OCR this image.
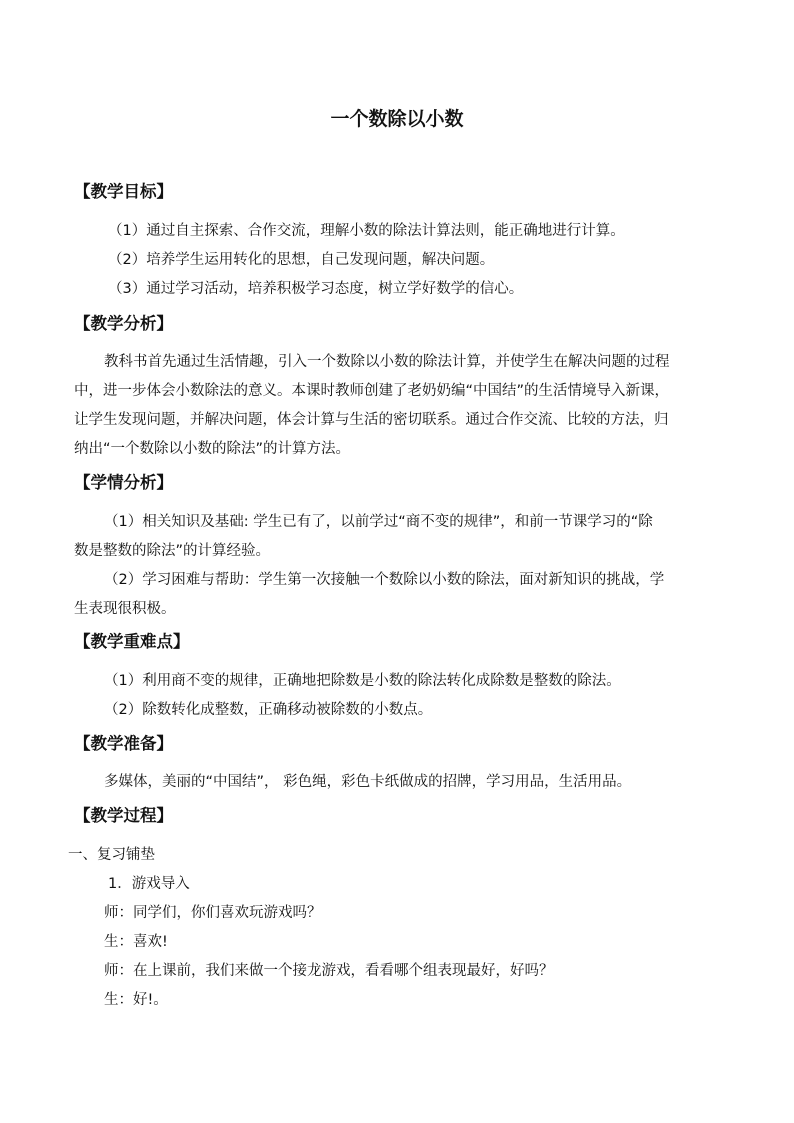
一个数除以小数
【教学目标】

（1）通过自主探索、合作交流，理解小数的除法计算法则，能正确地进行计算。

（2）培养学生运用转化的思想，自己发现问题，解决问题。

（3）通过学习活动，培养积极学习态度，树立学好数学的信心。

【教学分析】

教科书首先通过生活情趣，引入一个数除以小数的除法计算，并使学生在解决问题的过程

中，进一步体会小数除法的意义。本课时教师创建了老奶奶编“中国结”的生活情境导入新课，

让学生发现问题，并解决问题，体会计算与生活的密切联系。通过合作交流、比较的方法，归

纳出“一个数除以小数的除法”的计算方法。

【学情分析】

（1）相关知识及基础: 学生已有了，以前学过“商不变的规律”，和前一节课学习的“除

数是整数的除法”的计算经验。

（2）学习困难与帮助：学生第一次接触一个数除以小数的除法，面对新知识的挑战，学

生表现很积极。

【教学重难点】

（1）利用商不变的规律，正确地把除数是小数的除法转化成除数是整数的除法。

（2）除数转化成整数，正确移动被除数的小数点。

【教学准备】

多媒体，美丽的“中国结”， 彩色绳，彩色卡纸做成的招牌，学习用品，生活用品。

【教学过程】

一、复习铺垫

1．游戏导入

师：同学们，你们喜欢玩游戏吗？

生：喜欢!

师：在上课前，我们来做一个接龙游戏，看看哪个组表现最好，好吗？

生：好!。
